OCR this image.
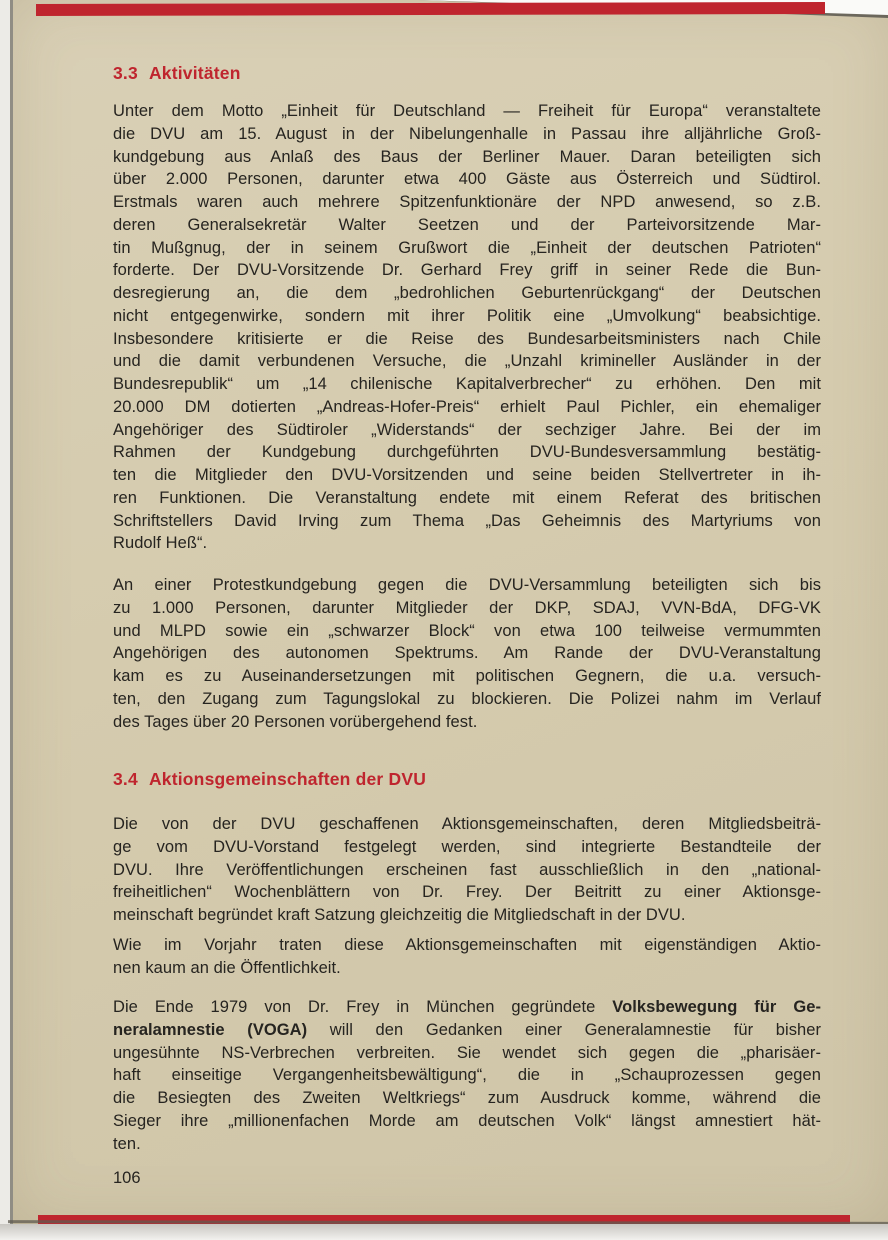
3.3 Aktivitäten
Unter dem Motto „Einheit für Deutschland — Freiheit für Europa“ veranstaltete
die DVU am 15. August in der Nibelungenhalle in Passau ihre alljährliche Groß-
kundgebung aus Anlaß des Baus der Berliner Mauer. Daran beteiligten sich
über 2.000 Personen, darunter etwa 400 Gäste aus Österreich und Südtirol.
Erstmals waren auch mehrere Spitzenfunktionäre der NPD anwesend, so z.B.
deren Generalsekretär Walter Seetzen und der Parteivorsitzende Mar-
tin Mußgnug, der in seinem Grußwort die „Einheit der deutschen Patrioten“
forderte. Der DVU-Vorsitzende Dr. Gerhard Frey griff in seiner Rede die Bun-
desregierung an, die dem „bedrohlichen Geburtenrückgang“ der Deutschen
nicht entgegenwirke, sondern mit ihrer Politik eine „Umvolkung“ beabsichtige.
Insbesondere kritisierte er die Reise des Bundesarbeitsministers nach Chile
und die damit verbundenen Versuche, die „Unzahl krimineller Ausländer in der
Bundesrepublik“ um „14 chilenische Kapitalverbrecher“ zu erhöhen. Den mit
20.000 DM dotierten „Andreas-Hofer-Preis“ erhielt Paul Pichler, ein ehemaliger
Angehöriger des Südtiroler „Widerstands“ der sechziger Jahre. Bei der im
Rahmen der Kundgebung durchgeführten DVU-Bundesversammlung bestätig-
ten die Mitglieder den DVU-Vorsitzenden und seine beiden Stellvertreter in ih-
ren Funktionen. Die Veranstaltung endete mit einem Referat des britischen
Schriftstellers David Irving zum Thema „Das Geheimnis des Martyriums von
Rudolf Heß“.
An einer Protestkundgebung gegen die DVU-Versammlung beteiligten sich bis
zu 1.000 Personen, darunter Mitglieder der DKP, SDAJ, VVN-BdA, DFG-VK
und MLPD sowie ein „schwarzer Block“ von etwa 100 teilweise vermummten
Angehörigen des autonomen Spektrums. Am Rande der DVU-Veranstaltung
kam es zu Auseinandersetzungen mit politischen Gegnern, die u.a. versuch-
ten, den Zugang zum Tagungslokal zu blockieren. Die Polizei nahm im Verlauf
des Tages über 20 Personen vorübergehend fest.
3.4 Aktionsgemeinschaften der DVU
Die von der DVU geschaffenen Aktionsgemeinschaften, deren Mitgliedsbeiträ-
ge vom DVU-Vorstand festgelegt werden, sind integrierte Bestandteile der
DVU. Ihre Veröffentlichungen erscheinen fast ausschließlich in den „national-
freiheitlichen“ Wochenblättern von Dr. Frey. Der Beitritt zu einer Aktionsge-
meinschaft begründet kraft Satzung gleichzeitig die Mitgliedschaft in der DVU.
Wie im Vorjahr traten diese Aktionsgemeinschaften mit eigenständigen Aktio-
nen kaum an die Öffentlichkeit.
Die Ende 1979 von Dr. Frey in München gegründete Volksbewegung für Ge-
neralamnestie (VOGA) will den Gedanken einer Generalamnestie für bisher
ungesühnte NS-Verbrechen verbreiten. Sie wendet sich gegen die „pharisäer-
haft einseitige Vergangenheitsbewältigung“, die in „Schauprozessen gegen
die Besiegten des Zweiten Weltkriegs“ zum Ausdruck komme, während die
Sieger ihre „millionenfachen Morde am deutschen Volk“ längst amnestiert hät-
ten.
106
